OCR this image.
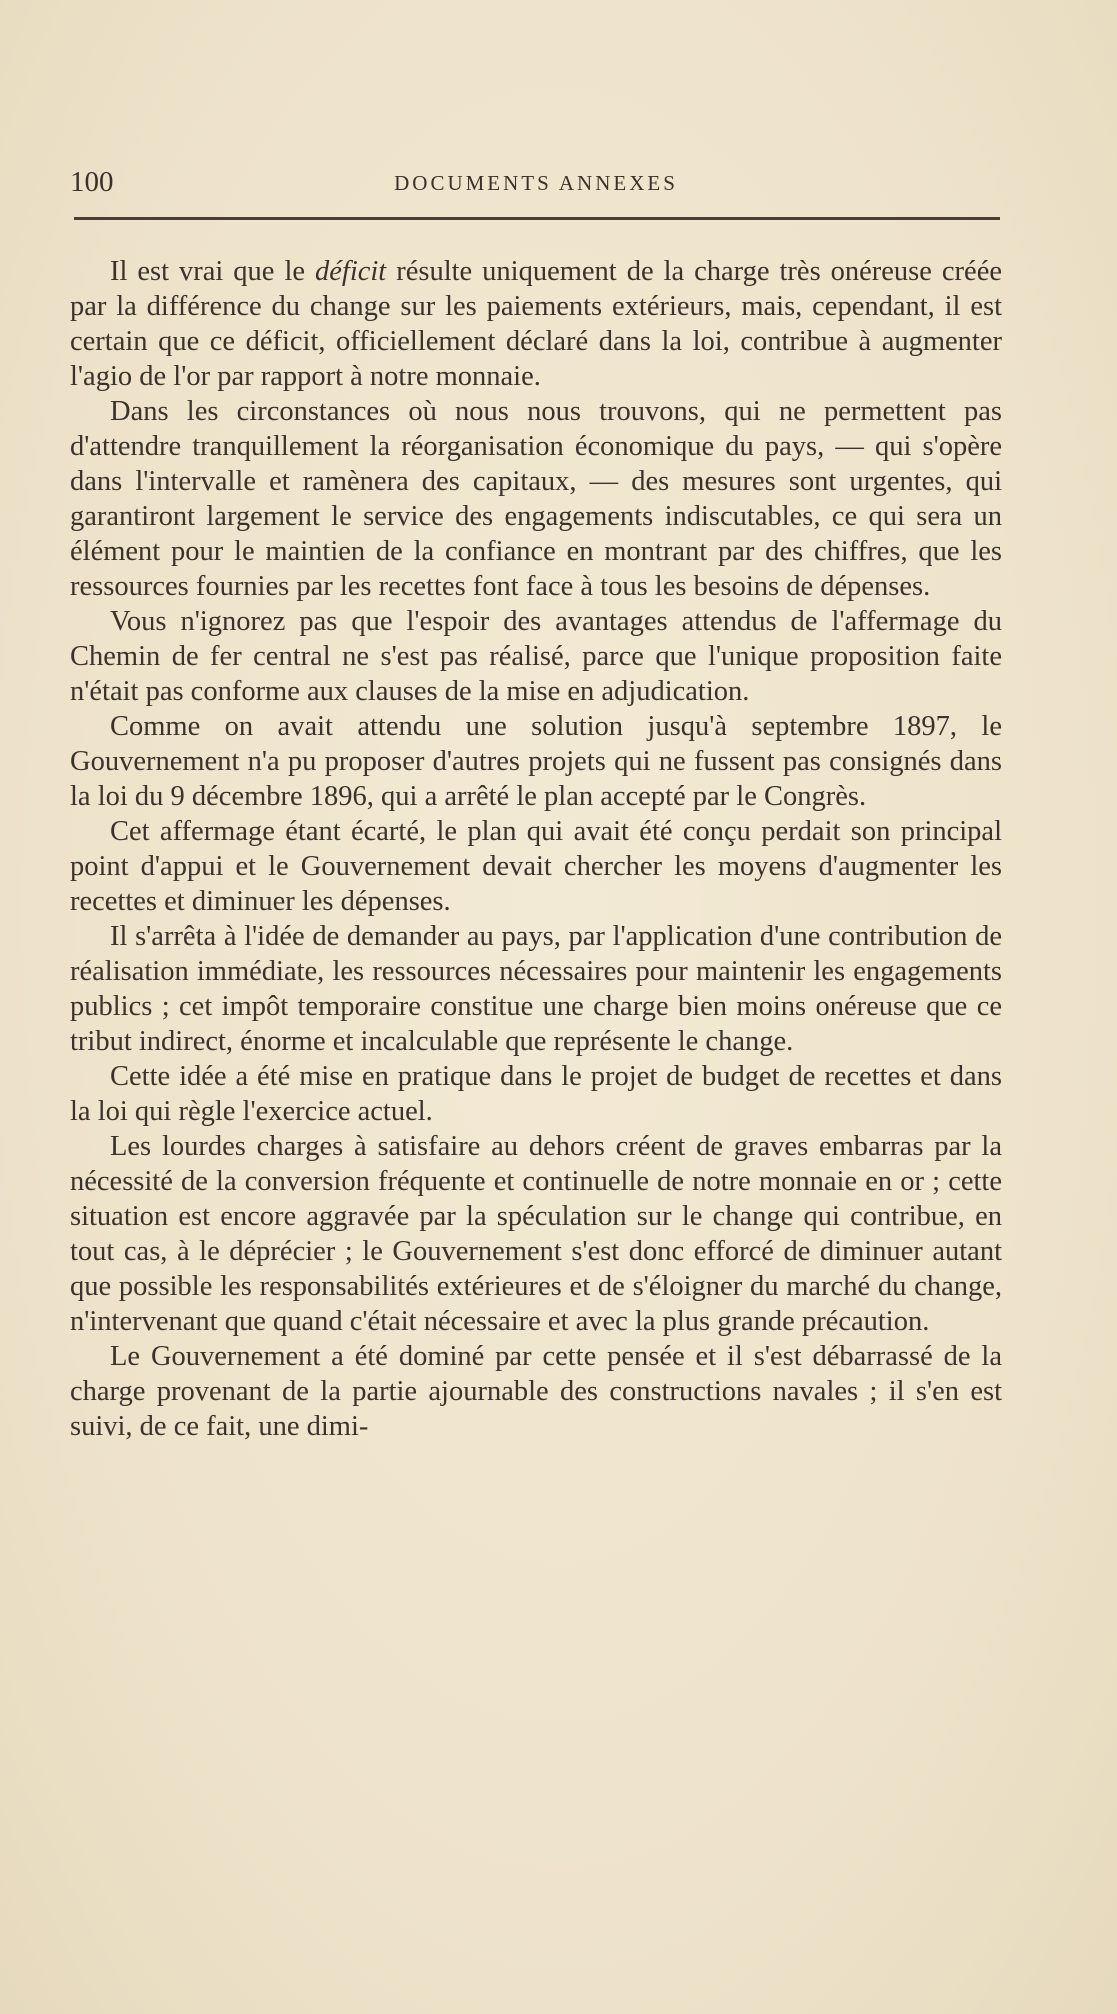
100	DOCUMENTS ANNEXES

Il est vrai que le déficit résulte uniquement de la charge très onéreuse créée par la différence du change sur les paiements extérieurs, mais, cependant, il est certain que ce déficit, officiellement déclaré dans la loi, contribue à augmenter l'agio de l'or par rapport à notre monnaie.

Dans les circonstances où nous nous trouvons, qui ne permettent pas d'attendre tranquillement la réorganisation économique du pays, — qui s'opère dans l'intervalle et ramènera des capitaux, — des mesures sont urgentes, qui garantiront largement le service des engagements indiscutables, ce qui sera un élément pour le maintien de la confiance en montrant par des chiffres, que les ressources fournies par les recettes font face à tous les besoins de dépenses.

Vous n'ignorez pas que l'espoir des avantages attendus de l'affermage du Chemin de fer central ne s'est pas réalisé, parce que l'unique proposition faite n'était pas conforme aux clauses de la mise en adjudication.

Comme on avait attendu une solution jusqu'à septembre 1897, le Gouvernement n'a pu proposer d'autres projets qui ne fussent pas consignés dans la loi du 9 décembre 1896, qui a arrêté le plan accepté par le Congrès.

Cet affermage étant écarté, le plan qui avait été conçu perdait son principal point d'appui et le Gouvernement devait chercher les moyens d'augmenter les recettes et diminuer les dépenses.

Il s'arrêta à l'idée de demander au pays, par l'application d'une contribution de réalisation immédiate, les ressources nécessaires pour maintenir les engagements publics ; cet impôt temporaire constitue une charge bien moins onéreuse que ce tribut indirect, énorme et incalculable que représente le change.

Cette idée a été mise en pratique dans le projet de budget de recettes et dans la loi qui règle l'exercice actuel.

Les lourdes charges à satisfaire au dehors créent de graves embarras par la nécessité de la conversion fréquente et continuelle de notre monnaie en or ; cette situation est encore aggravée par la spéculation sur le change qui contribue, en tout cas, à le déprécier ; le Gouvernement s'est donc efforcé de diminuer autant que possible les responsabilités extérieures et de s'éloigner du marché du change, n'intervenant que quand c'était nécessaire et avec la plus grande précaution.

Le Gouvernement a été dominé par cette pensée et il s'est débarrassé de la charge provenant de la partie ajournable des constructions navales ; il s'en est suivi, de ce fait, une dimi-
